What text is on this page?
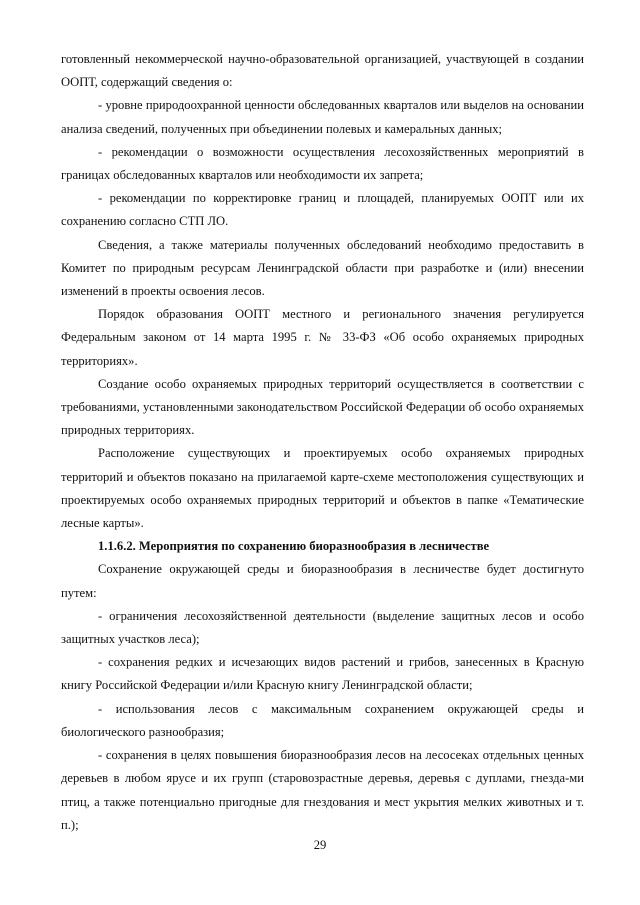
готовленный некоммерческой научно-образовательной организацией, участвующей в создании ООПТ, содержащий сведения о:

- уровне природоохранной ценности обследованных кварталов или выделов на основании анализа сведений, полученных при объединении полевых и камеральных данных;

- рекомендации о возможности осуществления лесохозяйственных мероприятий в границах обследованных кварталов или необходимости их запрета;

- рекомендации по корректировке границ и площадей, планируемых ООПТ или их сохранению согласно СТП ЛО.

Сведения, а также материалы полученных обследований необходимо предоставить в Комитет по природным ресурсам Ленинградской области при разработке и (или) внесении изменений в проекты освоения лесов.

Порядок образования ООПТ местного и регионального значения регулируется Федеральным законом от 14 марта 1995 г. № 33-ФЗ «Об особо охраняемых природных территориях».

Создание особо охраняемых природных территорий осуществляется в соответствии с требованиями, установленными законодательством Российской Федерации об особо охраняемых природных территориях.

Расположение существующих и проектируемых особо охраняемых природных территорий и объектов показано на прилагаемой карте-схеме местоположения существующих и проектируемых особо охраняемых природных территорий и объектов в папке «Тематические лесные карты».

1.1.6.2. Мероприятия по сохранению биоразнообразия в лесничестве

Сохранение окружающей среды и биоразнообразия в лесничестве будет достигнуто путем:

- ограничения лесохозяйственной деятельности (выделение защитных лесов и особо защитных участков леса);

- сохранения редких и исчезающих видов растений и грибов, занесенных в Красную книгу Российской Федерации и/или Красную книгу Ленинградской области;

- использования лесов с максимальным сохранением окружающей среды и биологического разнообразия;

- сохранения в целях повышения биоразнообразия лесов на лесосеках отдельных ценных деревьев в любом ярусе и их групп (старовозрастные деревья, деревья с дуплами, гнезда-ми птиц, а также потенциально пригодные для гнездования и мест укрытия мелких животных и т. п.);

29
